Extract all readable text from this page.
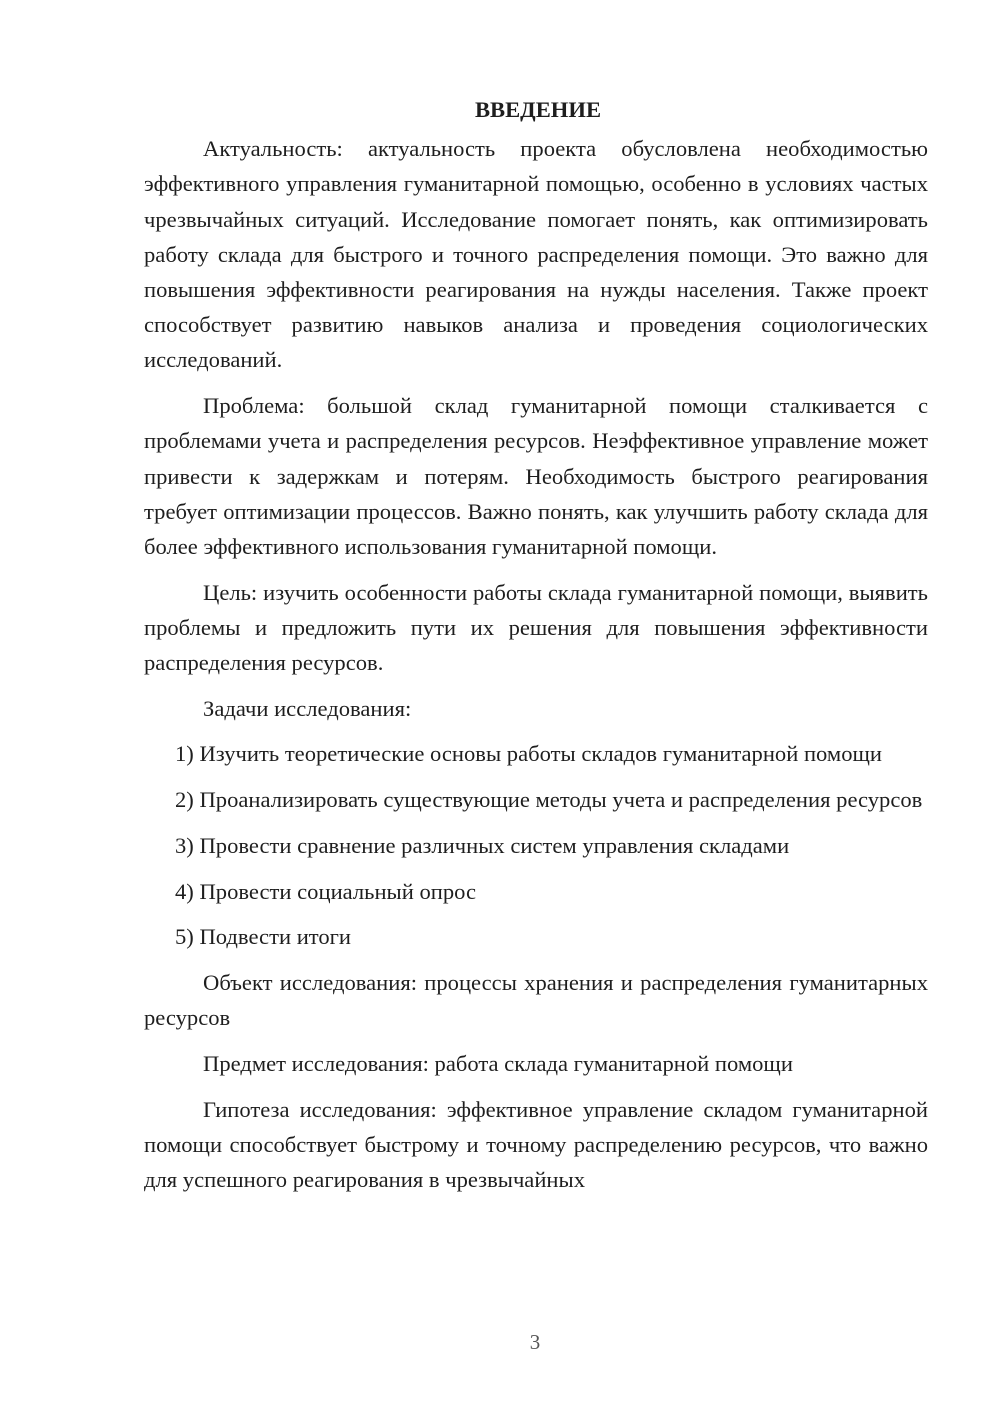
ВВЕДЕНИЕ

Актуальность: актуальность проекта обусловлена необходимостью эффективного управления гуманитарной помощью, особенно в условиях частых чрезвычайных ситуаций. Исследование помогает понять, как оптимизировать работу склада для быстрого и точного распределения помощи. Это важно для повышения эффективности реагирования на нужды населения. Также проект способствует развитию навыков анализа и проведения социологических исследований.

Проблема: большой склад гуманитарной помощи сталкивается с проблемами учета и распределения ресурсов. Неэффективное управление может привести к задержкам и потерям. Необходимость быстрого реагирования требует оптимизации процессов. Важно понять, как улучшить работу склада для более эффективного использования гуманитарной помощи.

Цель: изучить особенности работы склада гуманитарной помощи, выявить проблемы и предложить пути их решения для повышения эффективности распределения ресурсов.

Задачи исследования:

1) Изучить теоретические основы работы складов гуманитарной помощи

2) Проанализировать существующие методы учета и распределения ресурсов

3) Провести сравнение различных систем управления складами

4) Провести социальный опрос

5) Подвести итоги

Объект исследования: процессы хранения и распределения гуманитарных ресурсов

Предмет исследования: работа склада гуманитарной помощи

Гипотеза исследования: эффективное управление складом гуманитарной помощи способствует быстрому и точному распределению ресурсов, что важно для успешного реагирования в чрезвычайных

3
